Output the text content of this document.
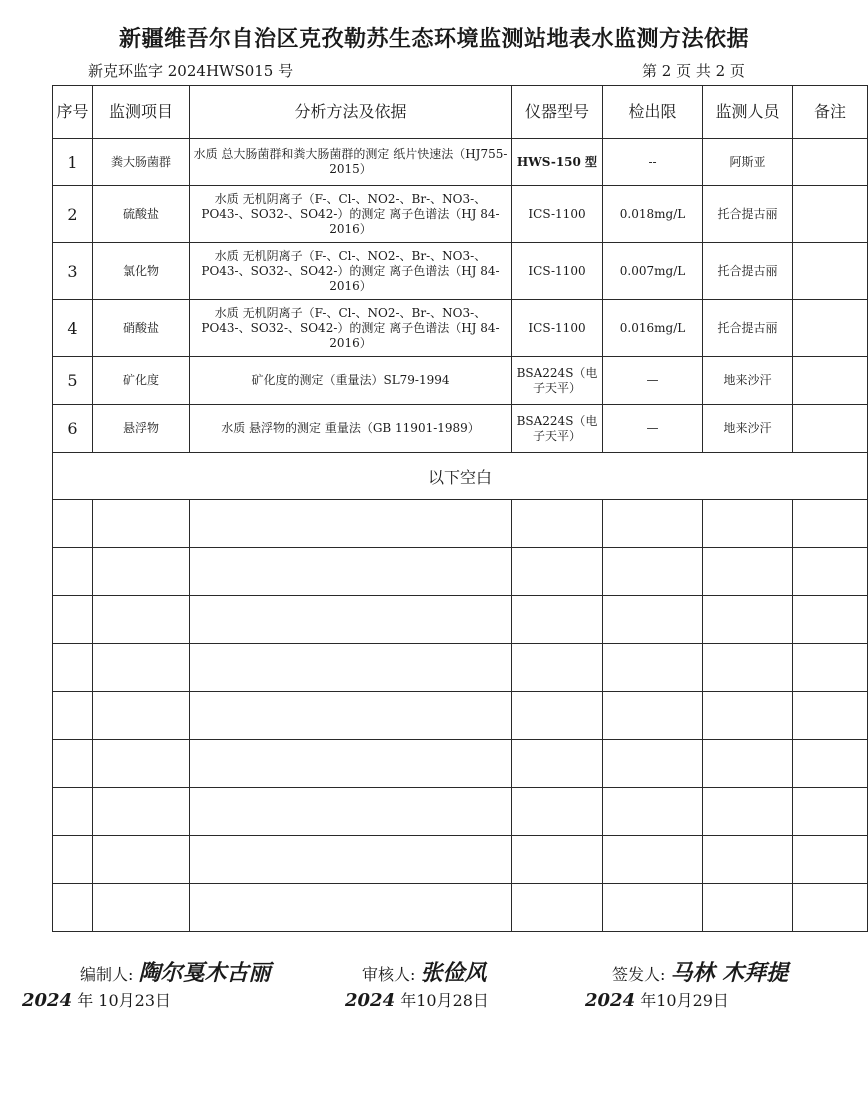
新疆维吾尔自治区克孜勒苏生态环境监测站地表水监测方法依据
新克环监字 2024HWS015 号	第 2 页 共 2 页
序号	监测项目	分析方法及依据	仪器型号	检出限	监测人员	备注
1	粪大肠菌群	水质 总大肠菌群和粪大肠菌群的测定 纸片快速法（HJ755-2015）	HWS-150 型	--	阿斯亚	
2	硫酸盐	水质 无机阴离子（F-、Cl-、NO2-、Br-、NO3-、PO43-、SO32-、SO42-）的测定 离子色谱法（HJ 84-2016）	ICS-1100	0.018mg/L	托合提古丽	
3	氯化物	水质 无机阴离子（F-、Cl-、NO2-、Br-、NO3-、PO43-、SO32-、SO42-）的测定 离子色谱法（HJ 84-2016）	ICS-1100	0.007mg/L	托合提古丽	
4	硝酸盐	水质 无机阴离子（F-、Cl-、NO2-、Br-、NO3-、PO43-、SO32-、SO42-）的测定 离子色谱法（HJ 84-2016）	ICS-1100	0.016mg/L	托合提古丽	
5	矿化度	矿化度的测定（重量法）SL79-1994	BSA224S（电子天平）	—	地来沙汗	
6	悬浮物	水质 悬浮物的测定 重量法（GB 11901-1989）	BSA224S（电子天平）	—	地来沙汗	
以下空白						

编制人: 陶尔戛木古丽
2024 年 10月23日
审核人: 张俭风
2024 年10月28日
签发人: 马林 木拜提
2024 年10月29日
